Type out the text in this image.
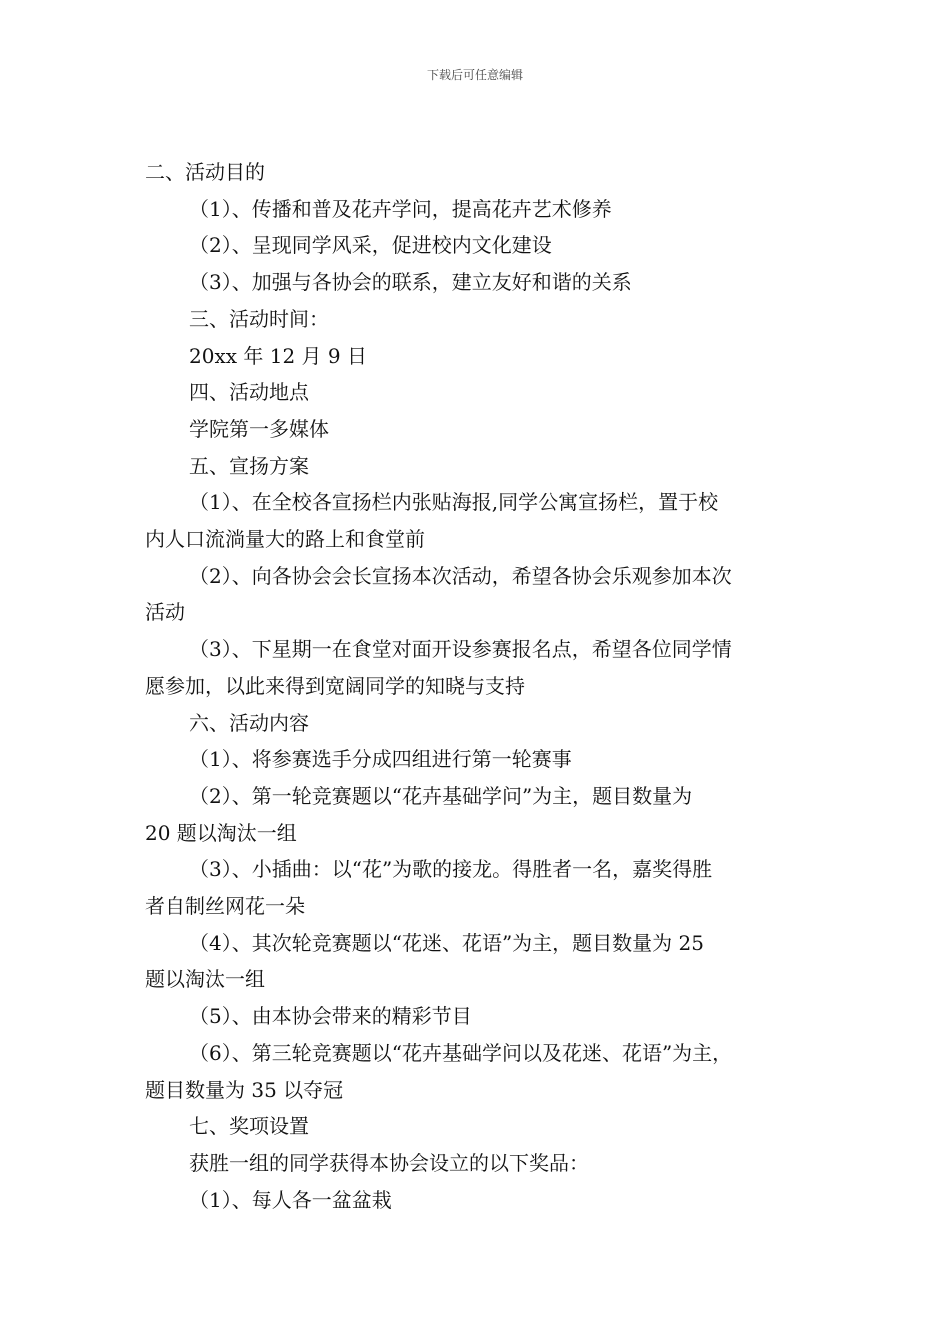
下载后可任意编辑

二、活动目的

（1）、传播和普及花卉学问，提高花卉艺术修养

（2）、呈现同学风采，促进校内文化建设

（3）、加强与各协会的联系，建立友好和谐的关系

三、活动时间：

20xx 年 12 月 9 日

四、活动地点

学院第一多媒体

五、宣扬方案

（1）、在全校各宣扬栏内张贴海报,同学公寓宣扬栏，置于校

内人口流淌量大的路上和食堂前

（2）、向各协会会长宣扬本次活动，希望各协会乐观参加本次

活动

（3）、下星期一在食堂对面开设参赛报名点，希望各位同学情

愿参加，以此来得到宽阔同学的知晓与支持

六、活动内容

（1）、将参赛选手分成四组进行第一轮赛事

（2）、第一轮竞赛题以“花卉基础学问”为主，题目数量为

20 题以淘汰一组

（3）、小插曲：以“花”为歌的接龙。得胜者一名，嘉奖得胜

者自制丝网花一朵

（4）、其次轮竞赛题以“花迷、花语”为主，题目数量为 25

题以淘汰一组

（5）、由本协会带来的精彩节目

（6）、第三轮竞赛题以“花卉基础学问以及花迷、花语”为主，

题目数量为 35 以夺冠

七、奖项设置

获胜一组的同学获得本协会设立的以下奖品：

（1）、每人各一盆盆栽
